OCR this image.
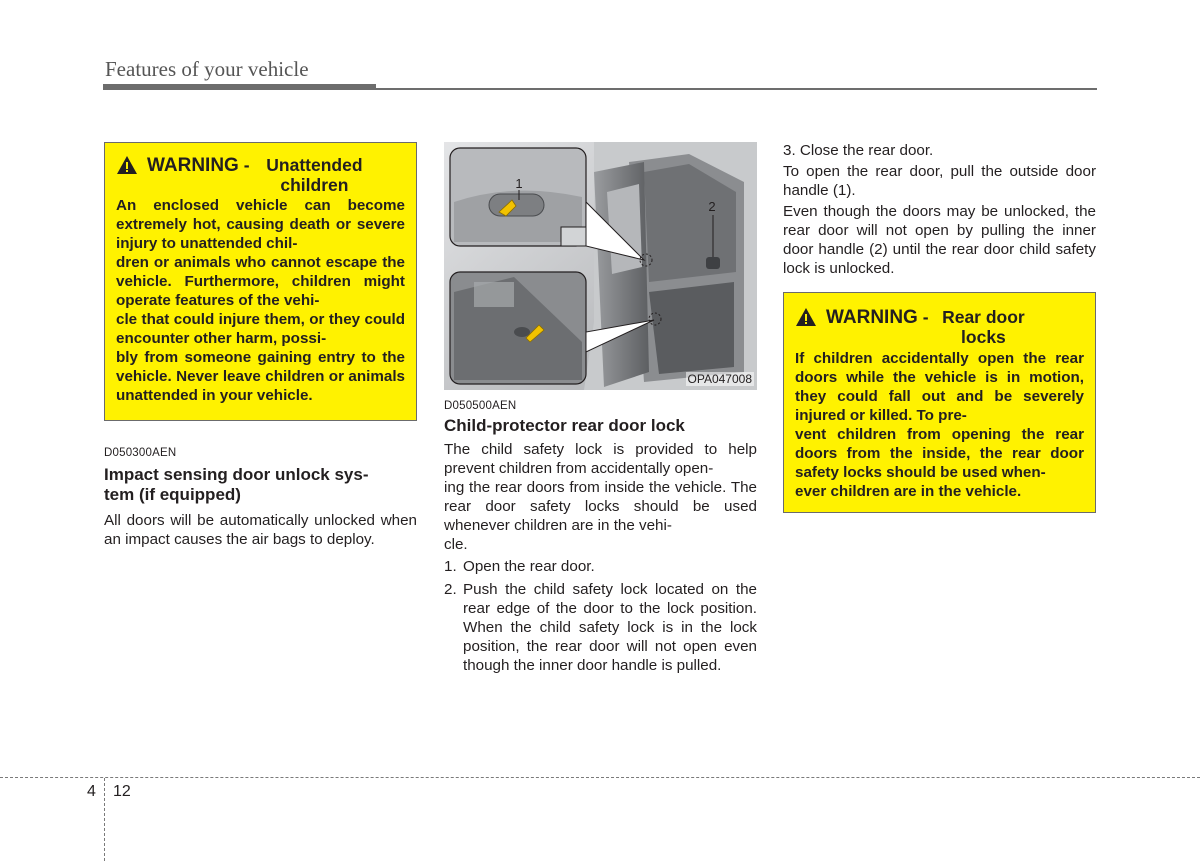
Features of your vehicle
WARNING - Unattended children
An enclosed vehicle can become extremely hot, causing death or severe injury to unattended chil-
dren or animals who cannot escape the vehicle. Furthermore, children might operate features of the vehi-
cle that could injure them, or they could encounter other harm, possi-
bly from someone gaining entry to the vehicle. Never leave children or animals unattended in your vehicle.
D050300AEN
Impact sensing door unlock sys-
tem (if equipped)

All doors will be automatically unlocked when an impact causes the air bags to deploy.

1
2
OPA047008
D050500AEN
Child-protector rear door lock

The child safety lock is provided to help prevent children from accidentally open-
ing the rear doors from inside the vehicle. The rear door safety locks should be used whenever children are in the vehi-
cle.

1. Open the rear door.
2. Push the child safety lock located on the rear edge of the door to the lock position. When the child safety lock is in the lock position, the rear door will not open even though the inner door handle is pulled.
3. Close the rear door.

To open the rear door, pull the outside door handle (1).

Even though the doors may be unlocked, the rear door will not open by pulling the inner door handle (2) until the rear door child safety lock is unlocked.

WARNING - Rear door locks
If children accidentally open the rear doors while the vehicle is in motion, they could fall out and be severely injured or killed. To pre-
vent children from opening the rear doors from the inside, the rear door safety locks should be used when-
ever children are in the vehicle.
4 12
